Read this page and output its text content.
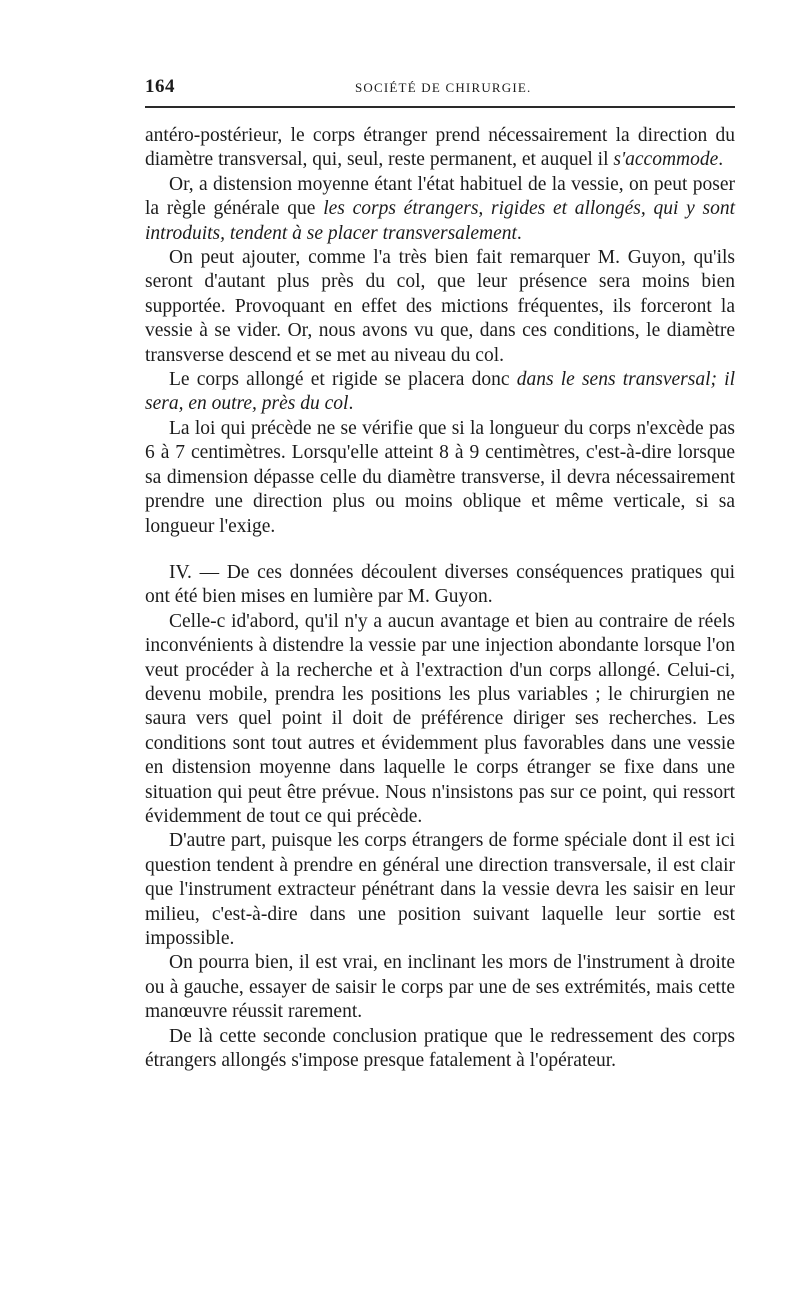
164	SOCIÉTÉ DE CHIRURGIE.

antéro-postérieur, le corps étranger prend nécessairement la direction du diamètre transversal, qui, seul, reste permanent, et auquel il s'accommode.

Or, a distension moyenne étant l'état habituel de la vessie, on peut poser la règle générale que les corps étrangers, rigides et allongés, qui y sont introduits, tendent à se placer transversalement.

On peut ajouter, comme l'a très bien fait remarquer M. Guyon, qu'ils seront d'autant plus près du col, que leur présence sera moins bien supportée. Provoquant en effet des mictions fréquentes, ils forceront la vessie à se vider. Or, nous avons vu que, dans ces conditions, le diamètre transverse descend et se met au niveau du col.

Le corps allongé et rigide se placera donc dans le sens transversal; il sera, en outre, près du col.

La loi qui précède ne se vérifie que si la longueur du corps n'excède pas 6 à 7 centimètres. Lorsqu'elle atteint 8 à 9 centimètres, c'est-à-dire lorsque sa dimension dépasse celle du diamètre transverse, il devra nécessairement prendre une direction plus ou moins oblique et même verticale, si sa longueur l'exige.

IV. — De ces données découlent diverses conséquences pratiques qui ont été bien mises en lumière par M. Guyon.

Celle-c id'abord, qu'il n'y a aucun avantage et bien au contraire de réels inconvénients à distendre la vessie par une injection abondante lorsque l'on veut procéder à la recherche et à l'extraction d'un corps allongé. Celui-ci, devenu mobile, prendra les positions les plus variables ; le chirurgien ne saura vers quel point il doit de préférence diriger ses recherches. Les conditions sont tout autres et évidemment plus favorables dans une vessie en distension moyenne dans laquelle le corps étranger se fixe dans une situation qui peut être prévue. Nous n'insistons pas sur ce point, qui ressort évidemment de tout ce qui précède.

D'autre part, puisque les corps étrangers de forme spéciale dont il est ici question tendent à prendre en général une direction transversale, il est clair que l'instrument extracteur pénétrant dans la vessie devra les saisir en leur milieu, c'est-à-dire dans une position suivant laquelle leur sortie est impossible.

On pourra bien, il est vrai, en inclinant les mors de l'instrument à droite ou à gauche, essayer de saisir le corps par une de ses extrémités, mais cette manœuvre réussit rarement.

De là cette seconde conclusion pratique que le redressement des corps étrangers allongés s'impose presque fatalement à l'opérateur.
